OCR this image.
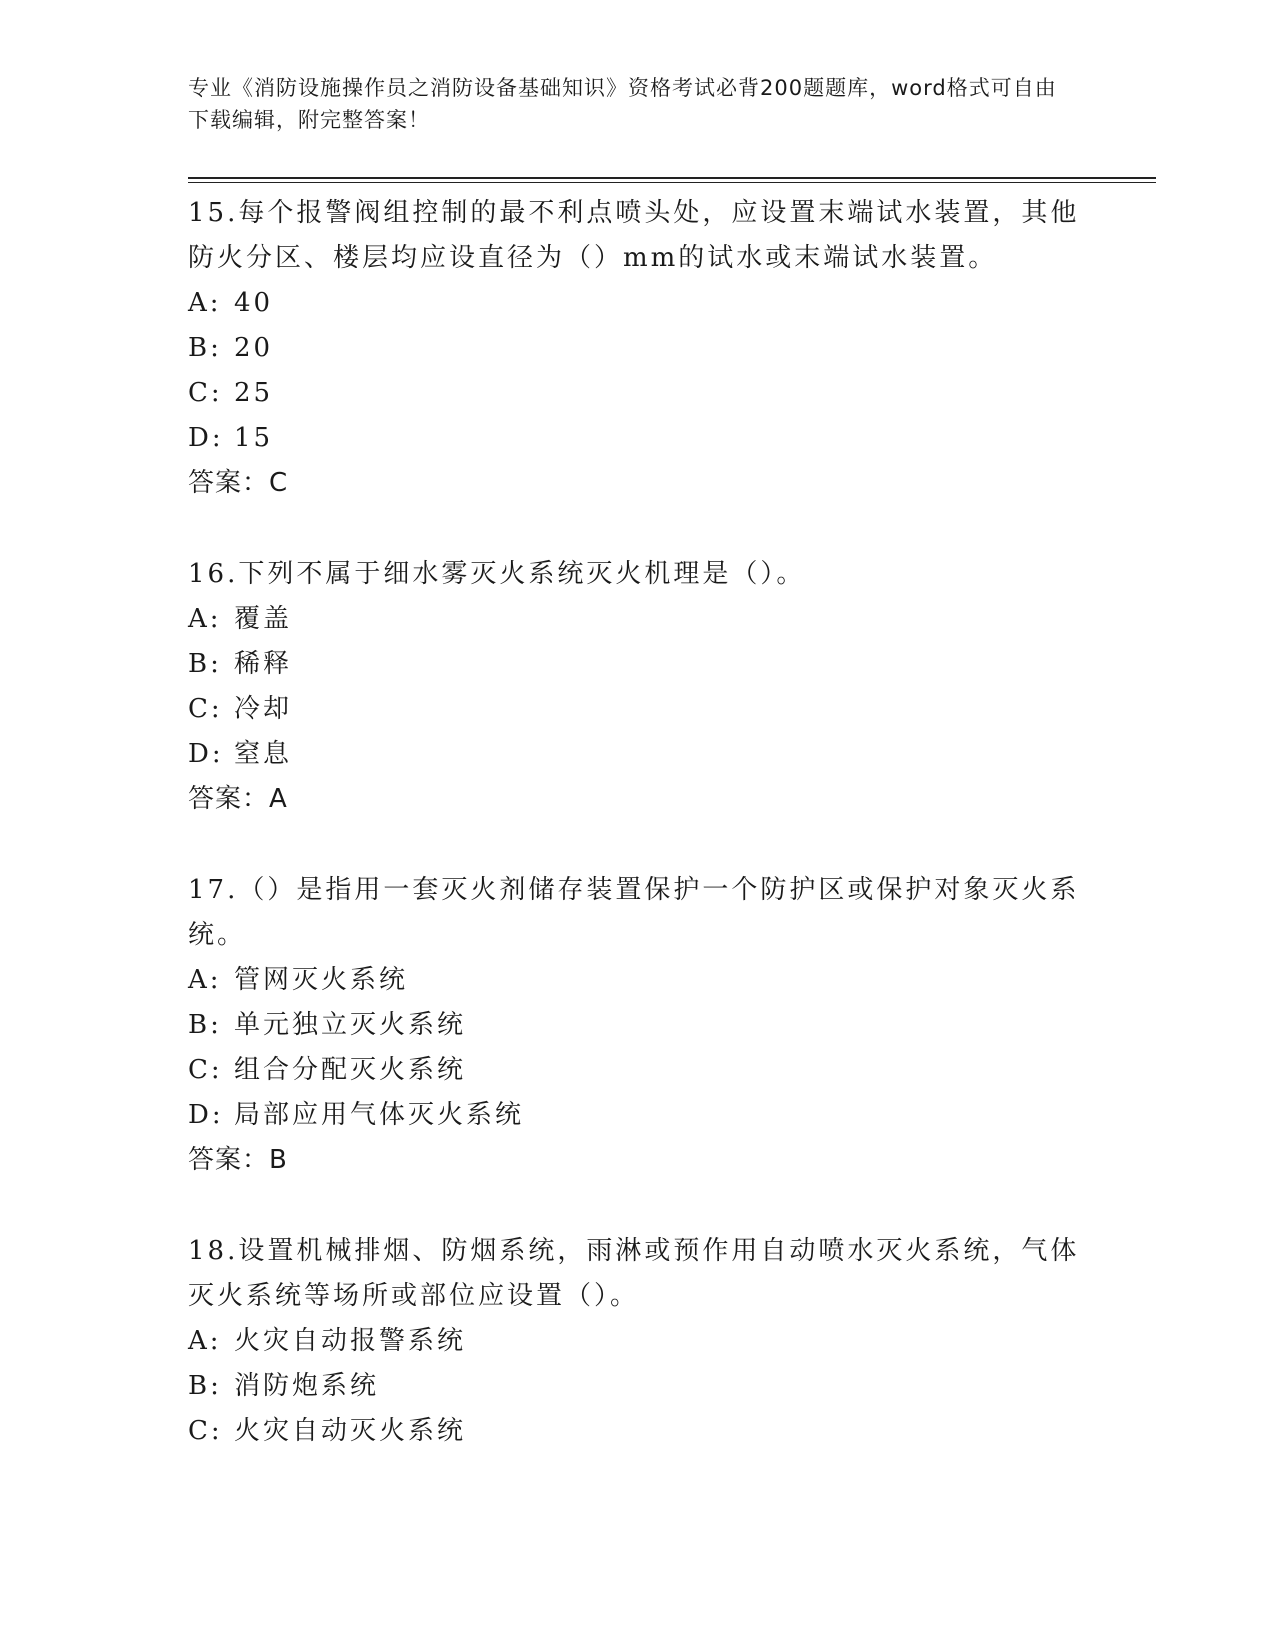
专业《消防设施操作员之消防设备基础知识》资格考试必背200题题库，word格式可自由下载编辑，附完整答案！

15.每个报警阀组控制的最不利点喷头处，应设置末端试水装置，其他防火分区、楼层均应设直径为（）mm的试水或末端试水装置。

A: 40
B: 20
C: 25
D: 15

答案：C

16.下列不属于细水雾灭火系统灭火机理是（）。

A: 覆盖
B: 稀释
C: 冷却
D: 窒息

答案：A

17.（）是指用一套灭火剂储存装置保护一个防护区或保护对象灭火系统。

A: 管网灭火系统
B: 单元独立灭火系统
C: 组合分配灭火系统
D: 局部应用气体灭火系统

答案：B

18.设置机械排烟、防烟系统，雨淋或预作用自动喷水灭火系统，气体灭火系统等场所或部位应设置（）。

A: 火灾自动报警系统
B: 消防炮系统
C: 火灾自动灭火系统
